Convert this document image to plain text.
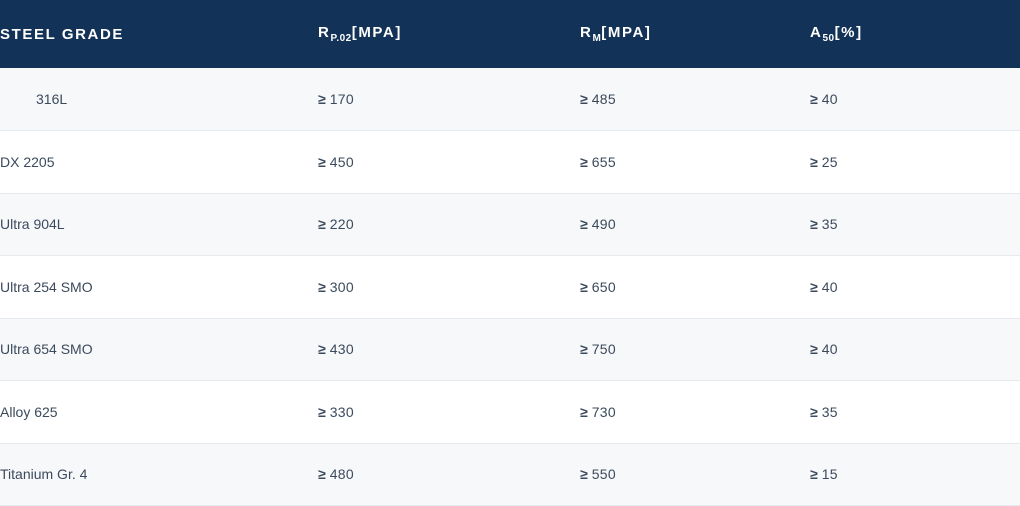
STEEL GRADE	$R_{P.02}[MPA]$	$R_M[MPA]$	$A_{50}[\%]$
316L	≥ 170	≥ 485	≥ 40
DX 2205	≥ 450	≥ 655	≥ 25
Ultra 904L	≥ 220	≥ 490	≥ 35
Ultra 254 SMO	≥ 300	≥ 650	≥ 40
Ultra 654 SMO	≥ 430	≥ 750	≥ 40
Alloy 625	≥ 330	≥ 730	≥ 35
Titanium Gr. 4	≥ 480	≥ 550	≥ 15
